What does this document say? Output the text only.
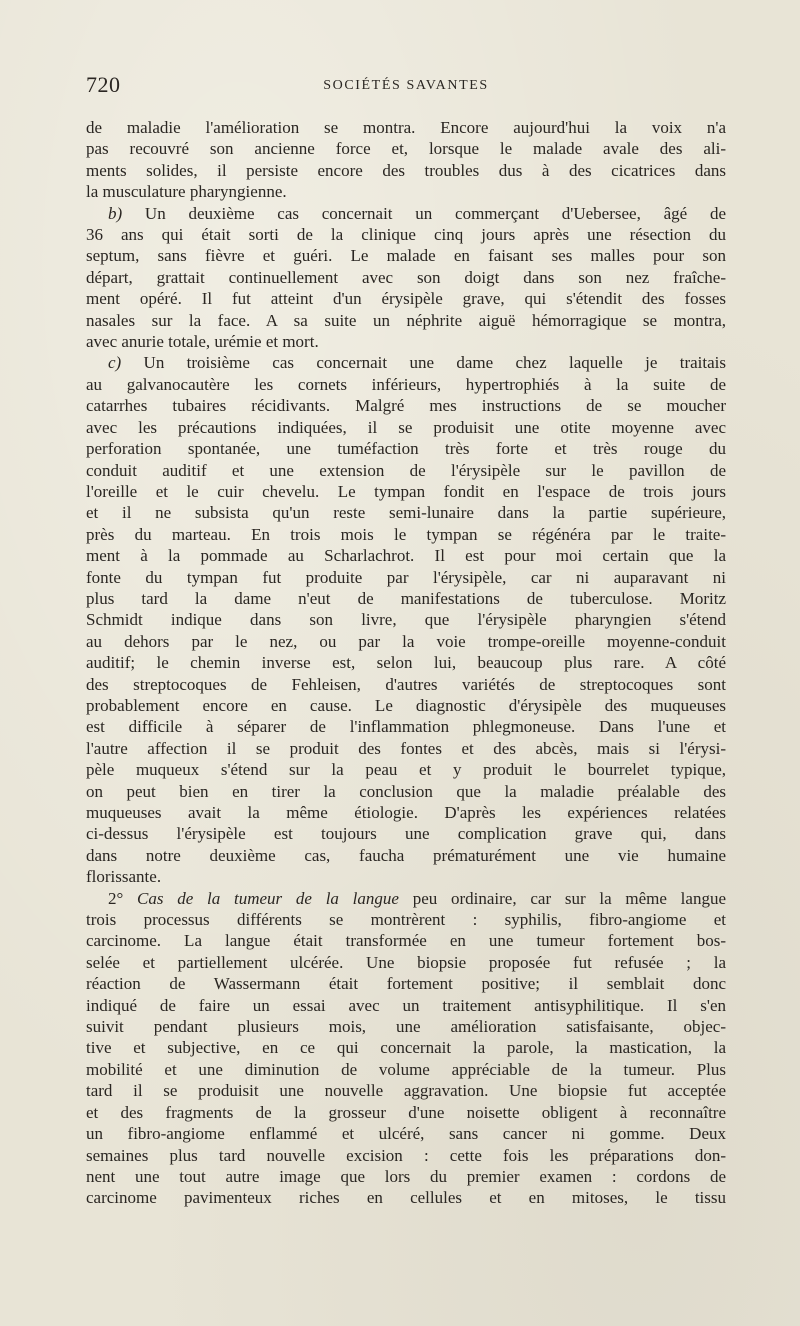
720	SOCIÉTÉS SAVANTES
de maladie l'amélioration se montra. Encore aujourd'hui la voix n'a
pas recouvré son ancienne force et, lorsque le malade avale des ali-
ments solides, il persiste encore des troubles dus à des cicatrices dans
la musculature pharyngienne.
b) Un deuxième cas concernait un commerçant d'Uebersee, âgé de
36 ans qui était sorti de la clinique cinq jours après une résection du
septum, sans fièvre et guéri. Le malade en faisant ses malles pour son
départ, grattait continuellement avec son doigt dans son nez fraîche-
ment opéré. Il fut atteint d'un érysipèle grave, qui s'étendit des fosses
nasales sur la face. A sa suite un néphrite aiguë hémorragique se montra,
avec anurie totale, urémie et mort.
c) Un troisième cas concernait une dame chez laquelle je traitais
au galvanocautère les cornets inférieurs, hypertrophiés à la suite de
catarrhes tubaires récidivants. Malgré mes instructions de se moucher
avec les précautions indiquées, il se produisit une otite moyenne avec
perforation spontanée, une tuméfaction très forte et très rouge du
conduit auditif et une extension de l'érysipèle sur le pavillon de
l'oreille et le cuir chevelu. Le tympan fondit en l'espace de trois jours
et il ne subsista qu'un reste semi-lunaire dans la partie supérieure,
près du marteau. En trois mois le tympan se régénéra par le traite-
ment à la pommade au Scharlachrot. Il est pour moi certain que la
fonte du tympan fut produite par l'érysipèle, car ni auparavant ni
plus tard la dame n'eut de manifestations de tuberculose. Moritz
Schmidt indique dans son livre, que l'érysipèle pharyngien s'étend
au dehors par le nez, ou par la voie trompe-oreille moyenne-conduit
auditif; le chemin inverse est, selon lui, beaucoup plus rare. A côté
des streptocoques de Fehleisen, d'autres variétés de streptocoques sont
probablement encore en cause. Le diagnostic d'érysipèle des muqueuses
est difficile à séparer de l'inflammation phlegmoneuse. Dans l'une et
l'autre affection il se produit des fontes et des abcès, mais si l'érysi-
pèle muqueux s'étend sur la peau et y produit le bourrelet typique,
on peut bien en tirer la conclusion que la maladie préalable des
muqueuses avait la même étiologie. D'après les expériences relatées
ci-dessus l'érysipèle est toujours une complication grave qui, dans
dans notre deuxième cas, faucha prématurément une vie humaine
florissante.
2° Cas de la tumeur de la langue peu ordinaire, car sur la même langue
trois processus différents se montrèrent : syphilis, fibro-angiome et
carcinome. La langue était transformée en une tumeur fortement bos-
selée et partiellement ulcérée. Une biopsie proposée fut refusée ; la
réaction de Wassermann était fortement positive; il semblait donc
indiqué de faire un essai avec un traitement antisyphilitique. Il s'en
suivit pendant plusieurs mois, une amélioration satisfaisante, objec-
tive et subjective, en ce qui concernait la parole, la mastication, la
mobilité et une diminution de volume appréciable de la tumeur. Plus
tard il se produisit une nouvelle aggravation. Une biopsie fut acceptée
et des fragments de la grosseur d'une noisette obligent à reconnaître
un fibro-angiome enflammé et ulcéré, sans cancer ni gomme. Deux
semaines plus tard nouvelle excision : cette fois les préparations don-
nent une tout autre image que lors du premier examen : cordons de
carcinome pavimenteux riches en cellules et en mitoses, le tissu
